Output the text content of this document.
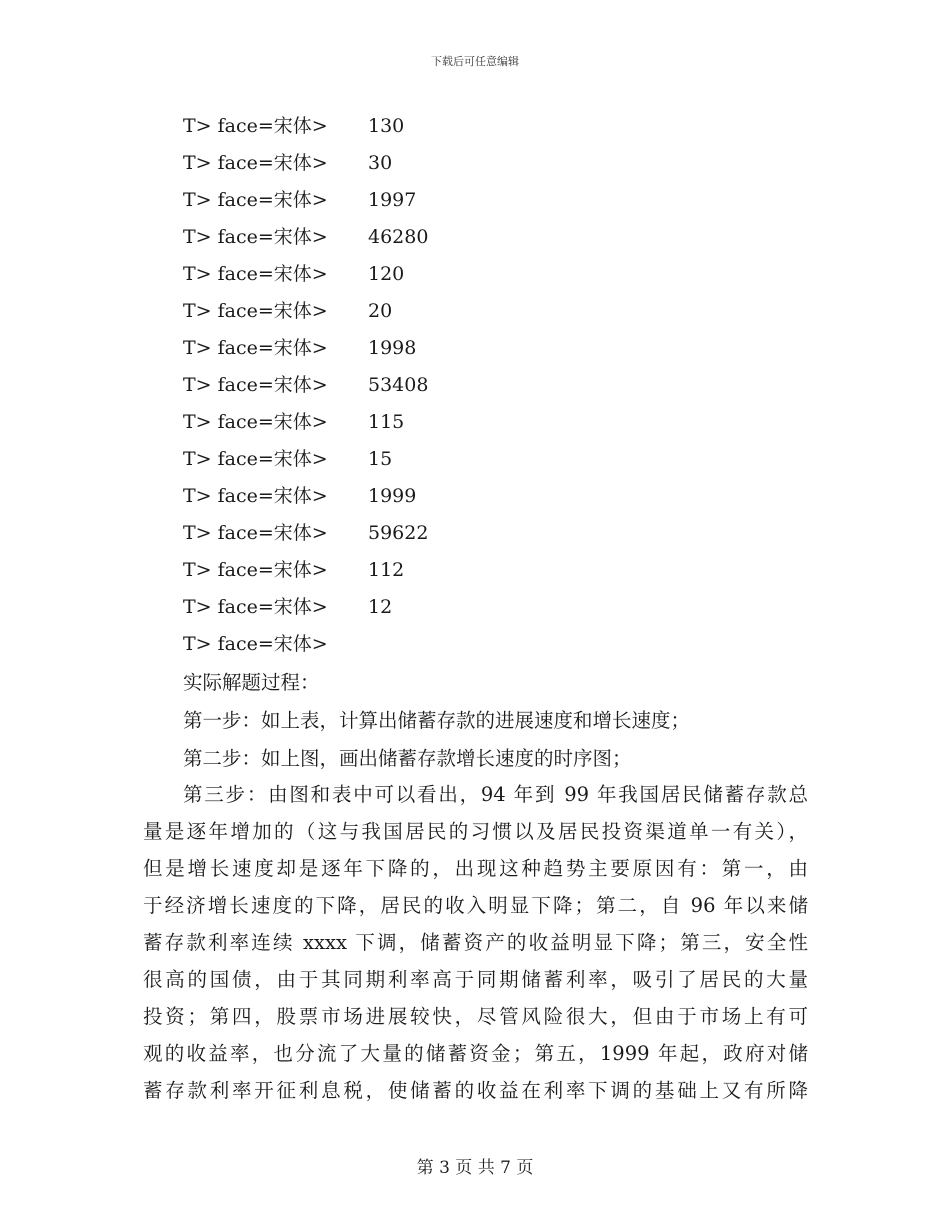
下载后可任意编辑
T> face=宋体> 130
T> face=宋体> 30
T> face=宋体> 1997
T> face=宋体> 46280
T> face=宋体> 120
T> face=宋体> 20
T> face=宋体> 1998
T> face=宋体> 53408
T> face=宋体> 115
T> face=宋体> 15
T> face=宋体> 1999
T> face=宋体> 59622
T> face=宋体> 112
T> face=宋体> 12
T> face=宋体>
实际解题过程：
第一步：如上表，计算出储蓄存款的进展速度和增长速度；
第二步：如上图，画出储蓄存款增长速度的时序图；
第三步：由图和表中可以看出，94 年到 99 年我国居民储蓄存款总
量是逐年增加的（这与我国居民的习惯以及居民投资渠道单一有关），
但是增长速度却是逐年下降的，出现这种趋势主要原因有：第一，由
于经济增长速度的下降，居民的收入明显下降；第二，自 96 年以来储
蓄存款利率连续 xxxx 下调，储蓄资产的收益明显下降；第三，安全性
很高的国债，由于其同期利率高于同期储蓄利率，吸引了居民的大量
投资；第四，股票市场进展较快，尽管风险很大，但由于市场上有可
观的收益率，也分流了大量的储蓄资金；第五，1999 年起，政府对储
蓄存款利率开征利息税，使储蓄的收益在利率下调的基础上又有所降
第 3 页 共 7 页
